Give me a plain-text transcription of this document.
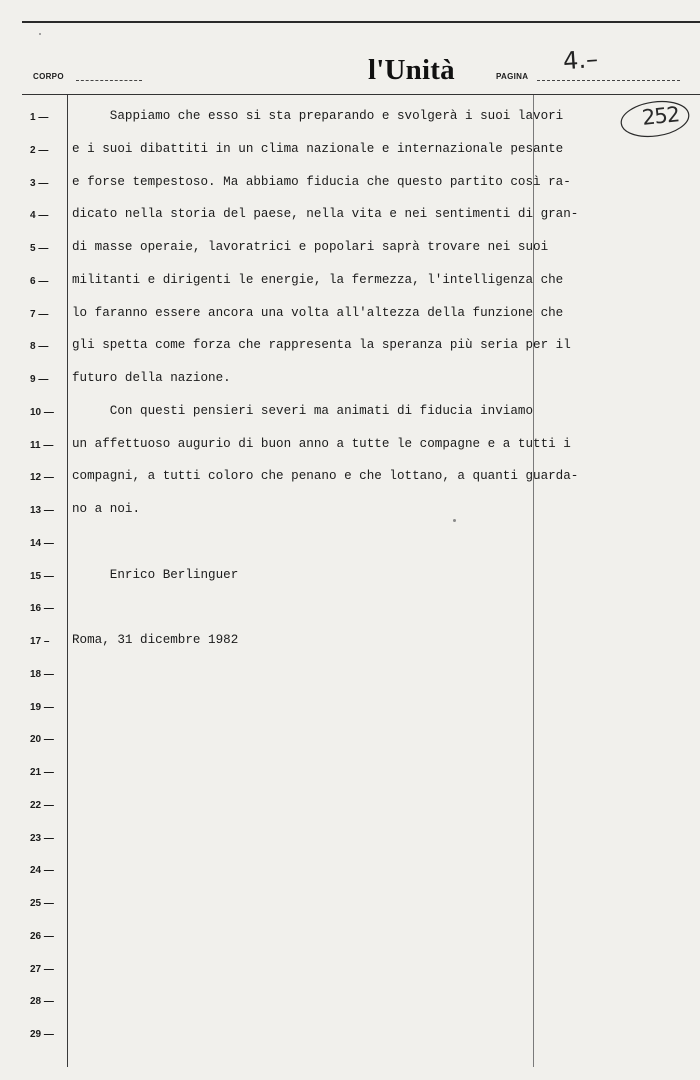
CORPO	l'Unità	PAGINA
4.–
252
1 —
2 —
3 —
4 —
5 —
6 —
7 —
8 —
9 —
10 —
11 —
12 —
13 —
14 —
15 —
16 —
17 –
18 —
19 —
20 —
21 —
22 —
23 —
24 —
25 —
26 —
27 —
28 —
29 —
Sappiamo che esso si sta preparando e svolgerà i suoi lavori
e i suoi dibattiti in un clima nazionale e internazionale pesante
e forse tempestoso. Ma abbiamo fiducia che questo partito così ra-
dicato nella storia del paese, nella vita e nei sentimenti di gran-
di masse operaie, lavoratrici e popolari saprà trovare nei suoi
militanti e dirigenti le energie, la fermezza, l'intelligenza che
lo faranno essere ancora una volta all'altezza della funzione che
gli spetta come forza che rappresenta la speranza più seria per il
futuro della nazione.
Con questi pensieri severi ma animati di fiducia inviamo
un affettuoso augurio di buon anno a tutte le compagne e a tutti i
compagni, a tutti coloro che penano e che lottano, a quanti guarda-
no a noi.
Enrico Berlinguer
Roma, 31 dicembre 1982
